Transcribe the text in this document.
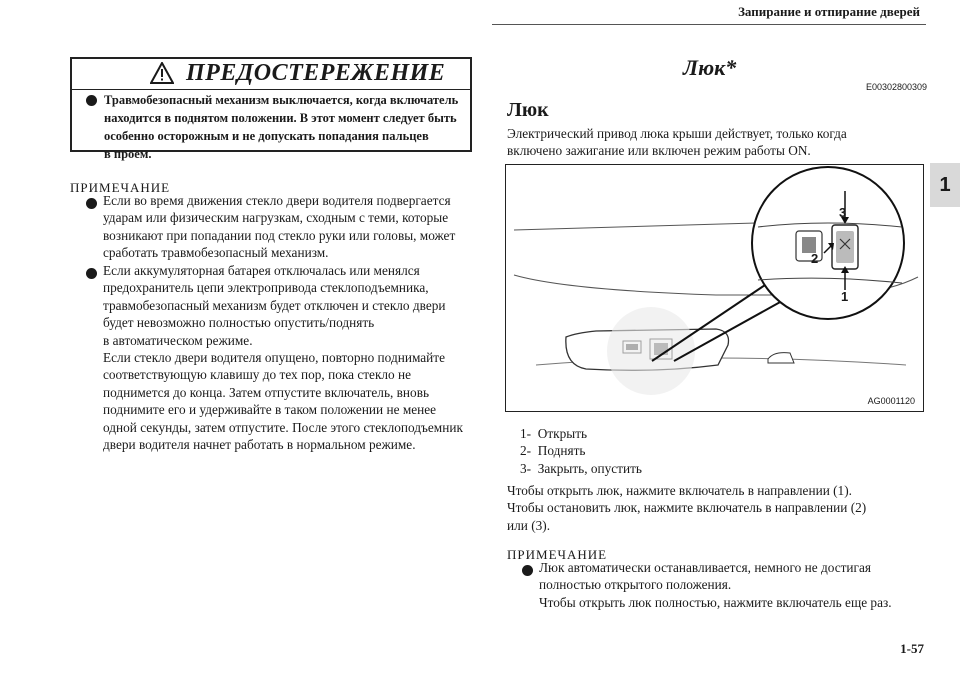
Запирание и отпирание дверей
1
ПРЕДОСТЕРЕЖЕНИЕ
Травмобезопасный механизм выключается, когда включатель
находится в поднятом положении. В этот момент следует быть
особенно осторожным и не допускать попадания пальцев
в проем.
ПРИМЕЧАНИЕ

Если во время движения стекло двери водителя подвергается

ударам или физическим нагрузкам, сходным с теми, которые

возникают при попадании под стекло руки или головы, может

сработать травмобезопасный механизм.

Если аккумуляторная батарея отключалась или менялся

предохранитель цепи электропривода стеклоподъемника,

травмобезопасный механизм будет отключен и стекло двери

будет невозможно полностью опустить/поднять

в автоматическом режиме.

Если стекло двери водителя опущено, повторно поднимайте

соответствующую клавишу до тех пор, пока стекло не

поднимется до конца. Затем отпустите включатель, вновь

поднимите его и удерживайте в таком положении не менее

одной секунды, затем отпустите. После этого стеклоподъемник

двери водителя начнет работать в нормальном режиме.

Люк*
E00302800309
Люк
Электрический привод люка крыши действует, только когда
включено зажигание или включен режим работы ON.
3
2
1
AG0001120
1- Открыть
2- Поднять
3- Закрыть, опустить
Чтобы открыть люк, нажмите включатель в направлении (1).
Чтобы остановить люк, нажмите включатель в направлении (2)
или (3).
ПРИМЕЧАНИЕ

Люк автоматически останавливается, немного не достигая

полностью открытого положения.

Чтобы открыть люк полностью, нажмите включатель еще раз.

1-57
